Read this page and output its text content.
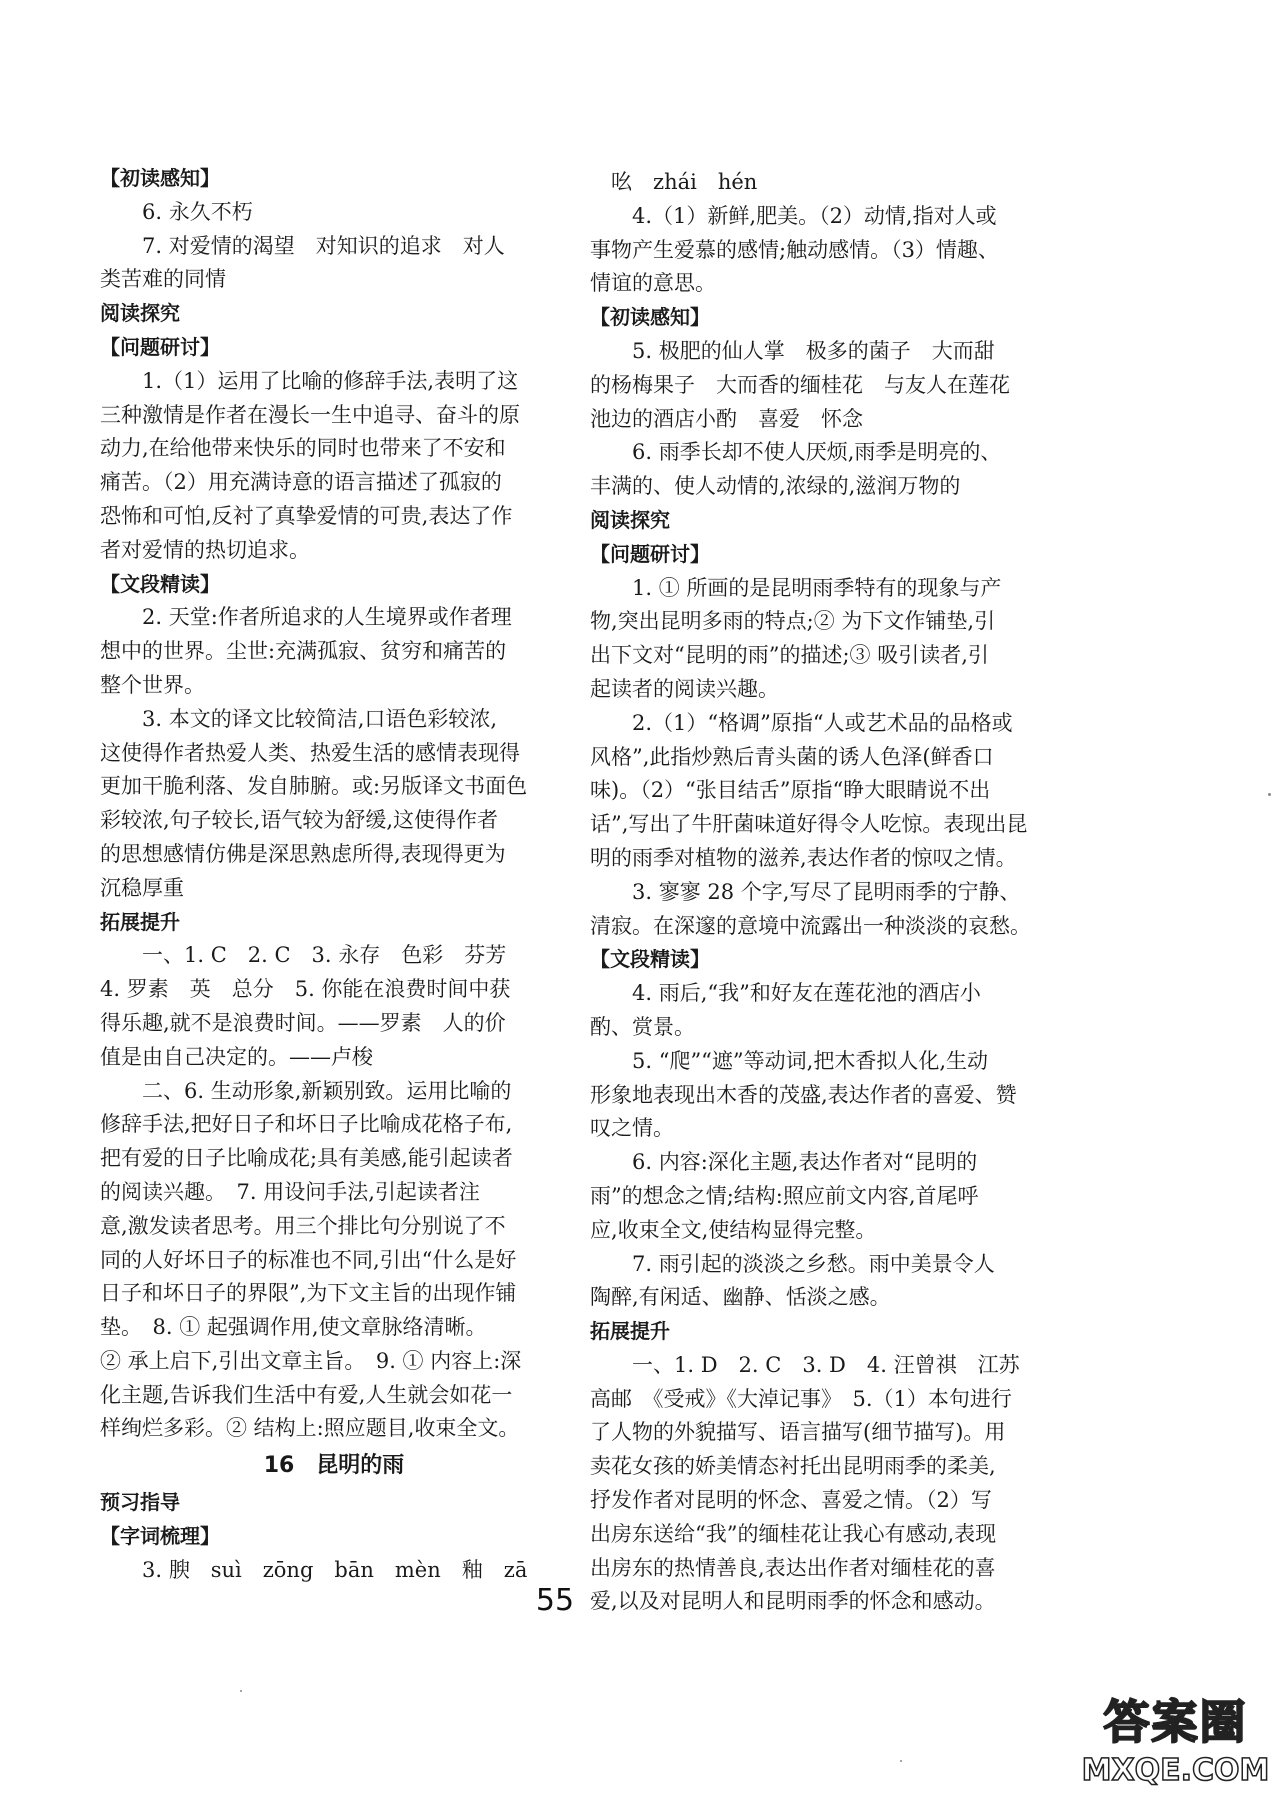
【初读感知】
6. 永久不朽
7. 对爱情的渴望　对知识的追求　对人
类苦难的同情
阅读探究
【问题研讨】
1.（1）运用了比喻的修辞手法,表明了这
三种激情是作者在漫长一生中追寻、奋斗的原
动力,在给他带来快乐的同时也带来了不安和
痛苦。（2）用充满诗意的语言描述了孤寂的
恐怖和可怕,反衬了真挚爱情的可贵,表达了作
者对爱情的热切追求。
【文段精读】
2. 天堂:作者所追求的人生境界或作者理
想中的世界。尘世:充满孤寂、贫穷和痛苦的
整个世界。
3. 本文的译文比较简洁,口语色彩较浓,
这使得作者热爱人类、热爱生活的感情表现得
更加干脆利落、发自肺腑。或:另版译文书面色
彩较浓,句子较长,语气较为舒缓,这使得作者
的思想感情仿佛是深思熟虑所得,表现得更为
沉稳厚重
拓展提升
一、1. C　2. C　3. 永存　色彩　芬芳
4. 罗素　英　总分　5. 你能在浪费时间中获
得乐趣,就不是浪费时间。——罗素　人的价
值是由自己决定的。——卢梭
二、6. 生动形象,新颖别致。运用比喻的
修辞手法,把好日子和坏日子比喻成花格子布,
把有爱的日子比喻成花;具有美感,能引起读者
的阅读兴趣。　7. 用设问手法,引起读者注
意,激发读者思考。用三个排比句分别说了不
同的人好坏日子的标准也不同,引出“什么是好
日子和坏日子的界限”,为下文主旨的出现作铺
垫。　8. ① 起强调作用,使文章脉络清晰。
② 承上启下,引出文章主旨。　9. ① 内容上:深
化主题,告诉我们生活中有爱,人生就会如花一
样绚烂多彩。② 结构上:照应题目,收束全文。
16　昆明的雨
预习指导
【字词梳理】
3. 腴　suì　zōng　bān　mèn　釉　zā
　吆　zhái　hén
4.（1）新鲜,肥美。（2）动情,指对人或
事物产生爱慕的感情;触动感情。（3）情趣、
情谊的意思。
【初读感知】
5. 极肥的仙人掌　极多的菌子　大而甜
的杨梅果子　大而香的缅桂花　与友人在莲花
池边的酒店小酌　喜爱　怀念
6. 雨季长却不使人厌烦,雨季是明亮的、
丰满的、使人动情的,浓绿的,滋润万物的
阅读探究
【问题研讨】
1. ① 所画的是昆明雨季特有的现象与产
物,突出昆明多雨的特点;② 为下文作铺垫,引
出下文对“昆明的雨”的描述;③ 吸引读者,引
起读者的阅读兴趣。
2.（1）“格调”原指“人或艺术品的品格或
风格”,此指炒熟后青头菌的诱人色泽(鲜香口
味)。（2）“张目结舌”原指“睁大眼睛说不出
话”,写出了牛肝菌味道好得令人吃惊。表现出昆
明的雨季对植物的滋养,表达作者的惊叹之情。
3. 寥寥 28 个字,写尽了昆明雨季的宁静、
清寂。在深邃的意境中流露出一种淡淡的哀愁。
【文段精读】
4. 雨后,“我”和好友在莲花池的酒店小
酌、赏景。
5. “爬”“遮”等动词,把木香拟人化,生动
形象地表现出木香的茂盛,表达作者的喜爱、赞
叹之情。
6. 内容:深化主题,表达作者对“昆明的
雨”的想念之情;结构:照应前文内容,首尾呼
应,收束全文,使结构显得完整。
7. 雨引起的淡淡之乡愁。雨中美景令人
陶醉,有闲适、幽静、恬淡之感。
拓展提升
一、1. D　2. C　3. D　4. 汪曾祺　江苏
高邮　《受戒》《大淖记事》　5.（1）本句进行
了人物的外貌描写、语言描写(细节描写)。用
卖花女孩的娇美情态衬托出昆明雨季的柔美,
抒发作者对昆明的怀念、喜爱之情。（2）写
出房东送给“我”的缅桂花让我心有感动,表现
出房东的热情善良,表达出作者对缅桂花的喜
爱,以及对昆明人和昆明雨季的怀念和感动。
55
答案圈
MXQE.COM
